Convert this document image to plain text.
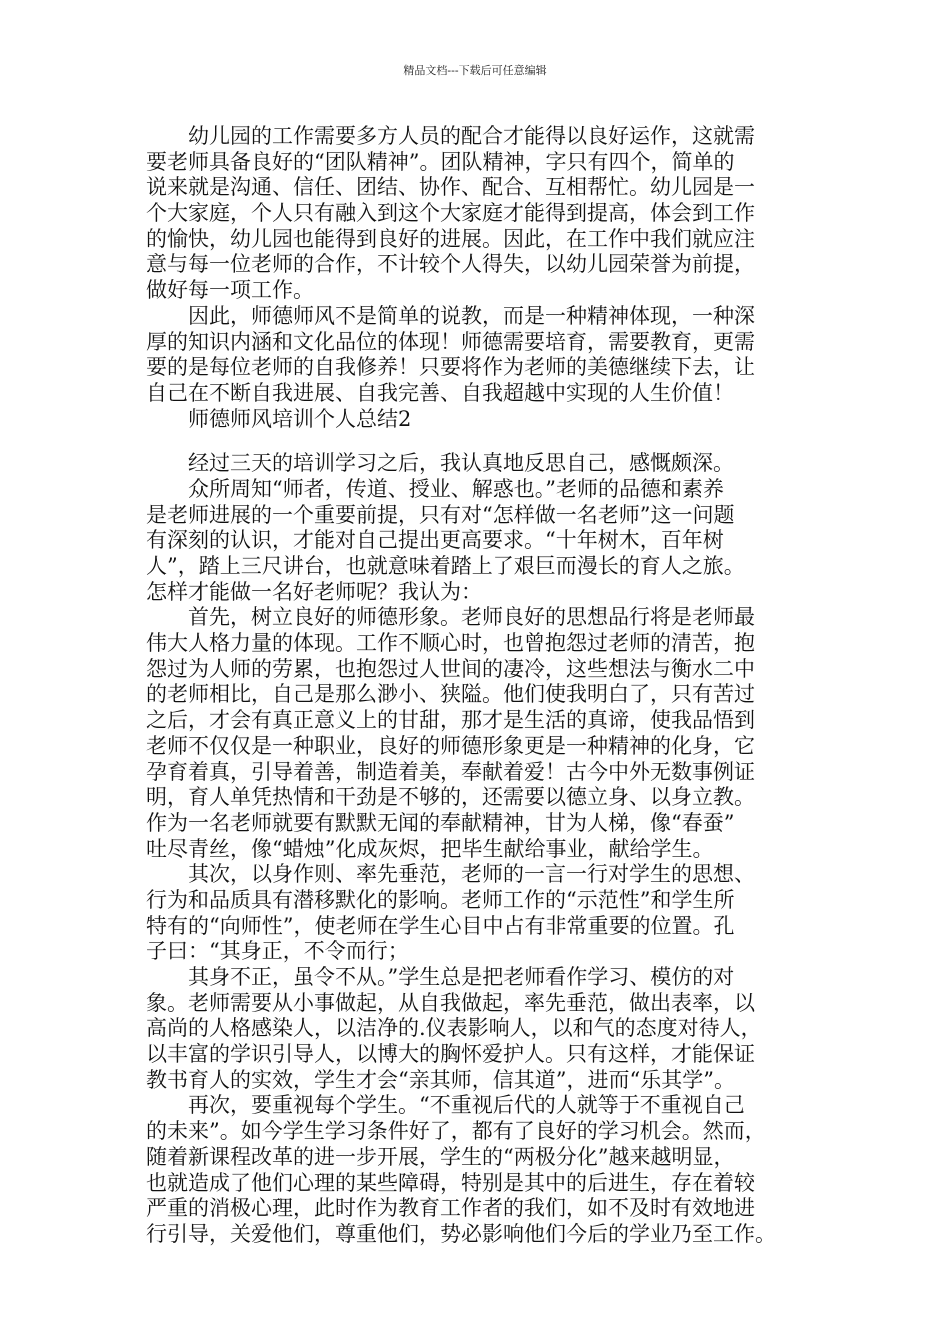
精品文档---下载后可任意编辑
　　幼儿园的工作需要多方人员的配合才能得以良好运作，这就需
要老师具备良好的“团队精神”。团队精神，字只有四个，简单的
说来就是沟通、信任、团结、协作、配合、互相帮忙。幼儿园是一
个大家庭，个人只有融入到这个大家庭才能得到提高，体会到工作
的愉快，幼儿园也能得到良好的进展。因此，在工作中我们就应注
意与每一位老师的合作，不计较个人得失，以幼儿园荣誉为前提，
做好每一项工作。
　　因此，师德师风不是简单的说教，而是一种精神体现，一种深
厚的知识内涵和文化品位的体现！师德需要培育，需要教育，更需
要的是每位老师的自我修养！只要将作为老师的美德继续下去，让
自己在不断自我进展、自我完善、自我超越中实现的人生价值！
　　师德师风培训个人总结2
　　经过三天的培训学习之后，我认真地反思自己，感慨颇深。
　　众所周知“师者，传道、授业、解惑也。”老师的品德和素养
是老师进展的一个重要前提，只有对“怎样做一名老师”这一问题
有深刻的认识，才能对自己提出更高要求。“十年树木，百年树
人”，踏上三尺讲台，也就意味着踏上了艰巨而漫长的育人之旅。
怎样才能做一名好老师呢？我认为：
　　首先，树立良好的师德形象。老师良好的思想品行将是老师最
伟大人格力量的体现。工作不顺心时，也曾抱怨过老师的清苦，抱
怨过为人师的劳累，也抱怨过人世间的凄冷，这些想法与衡水二中
的老师相比，自己是那么渺小、狭隘。他们使我明白了，只有苦过
之后，才会有真正意义上的甘甜，那才是生活的真谛，使我品悟到
老师不仅仅是一种职业，良好的师德形象更是一种精神的化身，它
孕育着真，引导着善，制造着美，奉献着爱！古今中外无数事例证
明，育人单凭热情和干劲是不够的，还需要以德立身、以身立教。
作为一名老师就要有默默无闻的奉献精神，甘为人梯，像“春蚕”
吐尽青丝，像“蜡烛”化成灰烬，把毕生献给事业，献给学生。
　　其次，以身作则、率先垂范，老师的一言一行对学生的思想、
行为和品质具有潜移默化的影响。老师工作的“示范性”和学生所
特有的“向师性”，使老师在学生心目中占有非常重要的位置。孔
子曰：“其身正，不令而行；
　　其身不正，虽令不从。”学生总是把老师看作学习、模仿的对
象。老师需要从小事做起，从自我做起，率先垂范，做出表率，以
高尚的人格感染人，以洁净的.仪表影响人，以和气的态度对待人，
以丰富的学识引导人，以博大的胸怀爱护人。只有这样，才能保证
教书育人的实效，学生才会“亲其师，信其道”，进而“乐其学”。
　　再次，要重视每个学生。“不重视后代的人就等于不重视自己
的未来”。如今学生学习条件好了，都有了良好的学习机会。然而，
随着新课程改革的进一步开展，学生的“两极分化”越来越明显，
也就造成了他们心理的某些障碍，特别是其中的后进生，存在着较
严重的消极心理，此时作为教育工作者的我们，如不及时有效地进
行引导，关爱他们，尊重他们，势必影响他们今后的学业乃至工作。
